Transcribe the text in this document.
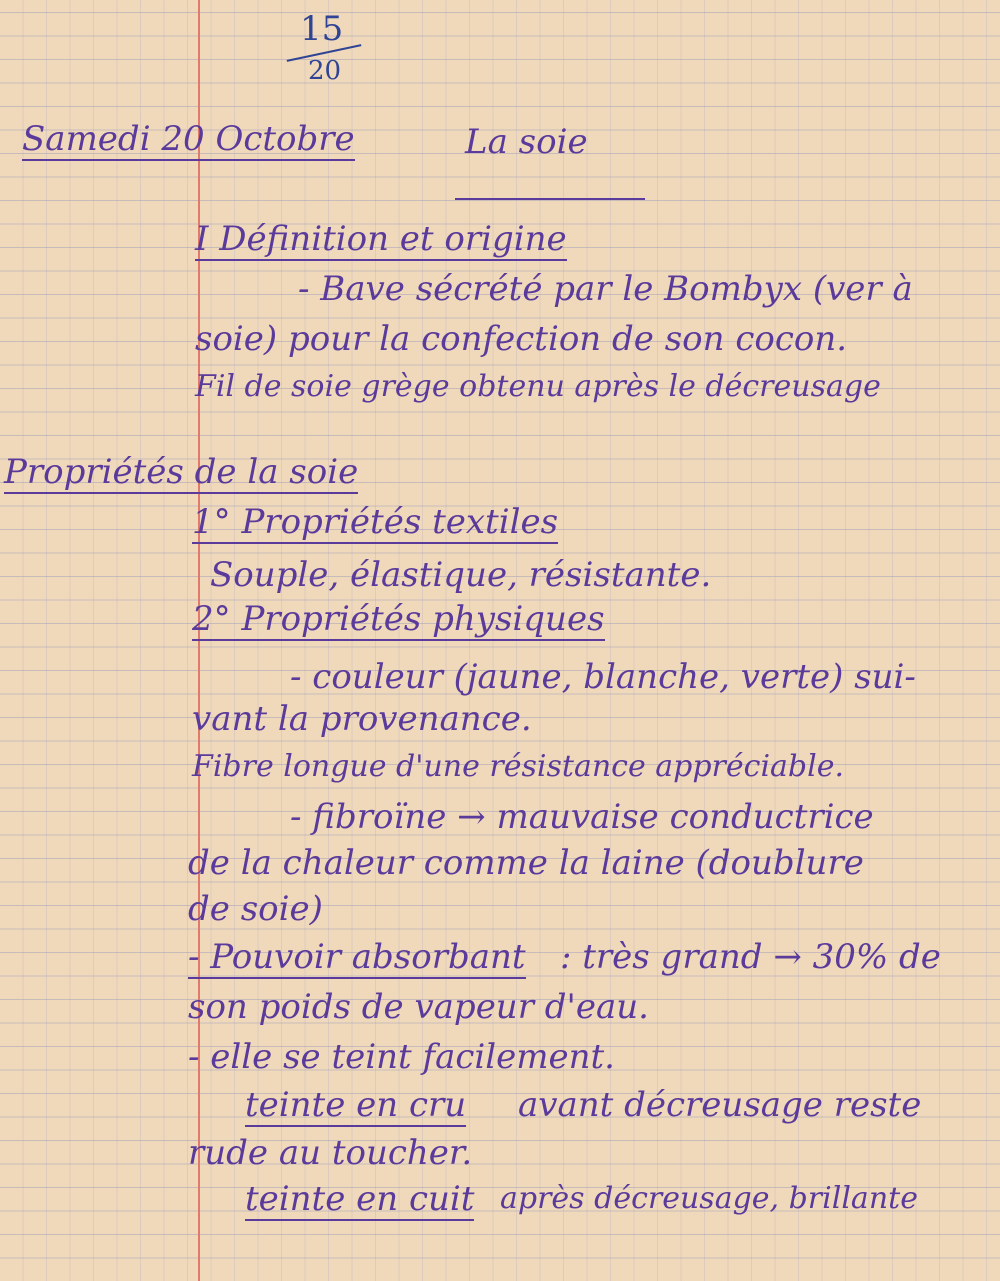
15
20
Samedi 20 Octobre	La soie
I Définition et origine
- Bave sécrété par le Bombyx (ver à
soie) pour la confection de son cocon.
Fil de soie grège obtenu après le décreusage
Propriétés de la soie
1° Propriétés textiles
Souple, élastique, résistante.
2° Propriétés physiques
- couleur (jaune, blanche, verte) sui-
vant la provenance.
Fibre longue d'une résistance appréciable.
- fibroïne → mauvaise conductrice
de la chaleur comme la laine (doublure
de soie)
- Pouvoir absorbant : très grand → 30% de
son poids de vapeur d'eau.
- elle se teint facilement.
teinte en cru avant décreusage reste
rude au toucher.
teinte en cuit après décreusage, brillante
